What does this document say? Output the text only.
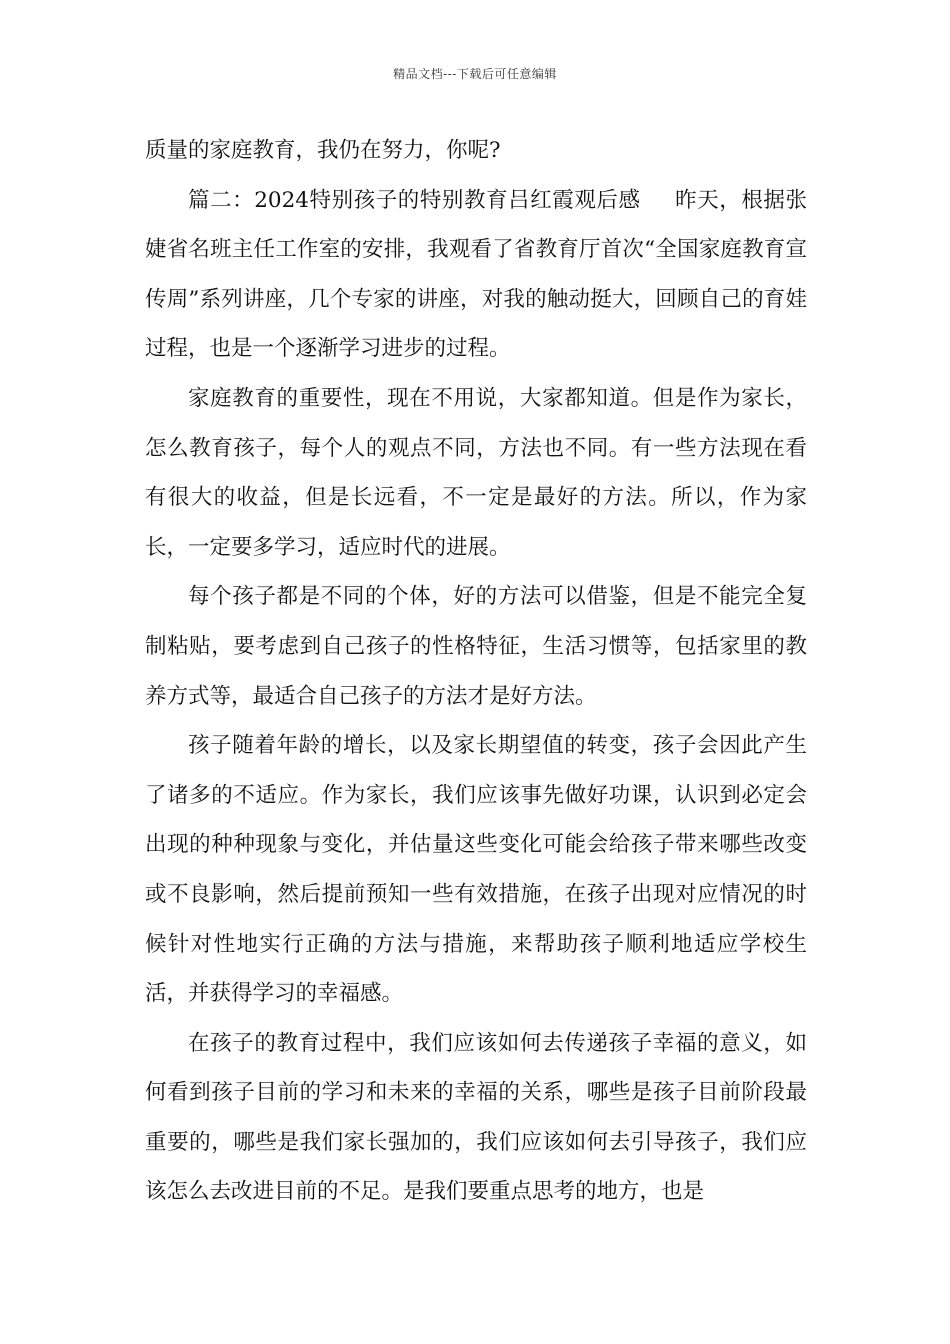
精品文档---下载后可任意编辑

质量的家庭教育，我仍在努力，你呢?

篇二：2024特别孩子的特别教育吕红霞观后感 昨天，根据张婕省名班主任工作室的安排，我观看了省教育厅首次“全国家庭教育宣传周”系列讲座，几个专家的讲座，对我的触动挺大，回顾自己的育娃过程，也是一个逐渐学习进步的过程。

家庭教育的重要性，现在不用说，大家都知道。但是作为家长，怎么教育孩子，每个人的观点不同，方法也不同。有一些方法现在看有很大的收益，但是长远看，不一定是最好的方法。所以，作为家长，一定要多学习，适应时代的进展。

每个孩子都是不同的个体，好的方法可以借鉴，但是不能完全复制粘贴，要考虑到自己孩子的性格特征，生活习惯等，包括家里的教养方式等，最适合自己孩子的方法才是好方法。

孩子随着年龄的增长，以及家长期望值的转变，孩子会因此产生了诸多的不适应。作为家长，我们应该事先做好功课，认识到必定会出现的种种现象与变化，并估量这些变化可能会给孩子带来哪些改变或不良影响，然后提前预知一些有效措施，在孩子出现对应情况的时候针对性地实行正确的方法与措施，来帮助孩子顺利地适应学校生活，并获得学习的幸福感。

在孩子的教育过程中，我们应该如何去传递孩子幸福的意义，如何看到孩子目前的学习和未来的幸福的关系，哪些是孩子目前阶段最重要的，哪些是我们家长强加的，我们应该如何去引导孩子，我们应该怎么去改进目前的不足。是我们要重点思考的地方，也是
